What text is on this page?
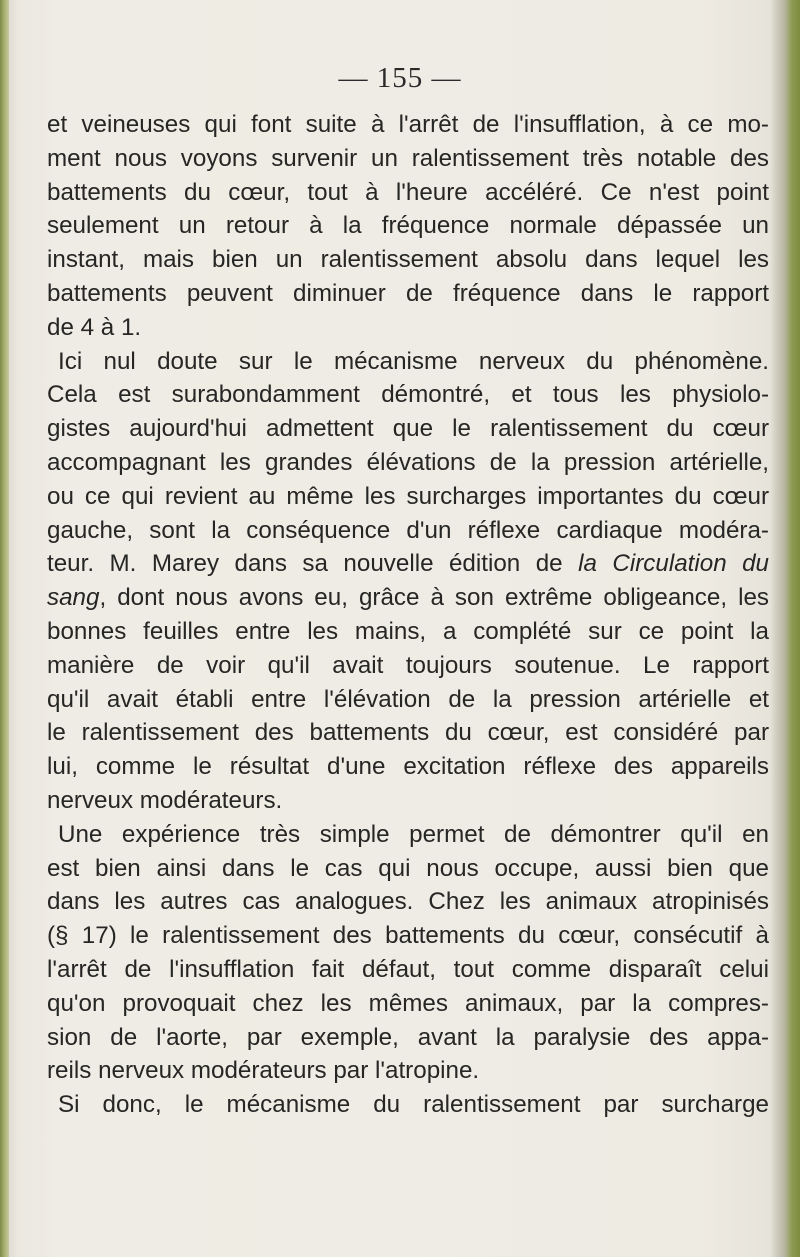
— 155 —

et veineuses qui font suite à l'arrêt de l'insufflation, à ce mo-
ment nous voyons survenir un ralentissement très notable des
battements du cœur, tout à l'heure accéléré. Ce n'est point
seulement un retour à la fréquence normale dépassée un
instant, mais bien un ralentissement absolu dans lequel les
battements peuvent diminuer de fréquence dans le rapport
de 4 à 1.

Ici nul doute sur le mécanisme nerveux du phénomène.
Cela est surabondamment démontré, et tous les physiolo-
gistes aujourd'hui admettent que le ralentissement du cœur
accompagnant les grandes élévations de la pression artérielle,
ou ce qui revient au même les surcharges importantes du cœur
gauche, sont la conséquence d'un réflexe cardiaque modéra-
teur. M. Marey dans sa nouvelle édition de la Circulation du
sang, dont nous avons eu, grâce à son extrême obligeance, les
bonnes feuilles entre les mains, a complété sur ce point la
manière de voir qu'il avait toujours soutenue. Le rapport
qu'il avait établi entre l'élévation de la pression artérielle et
le ralentissement des battements du cœur, est considéré par
lui, comme le résultat d'une excitation réflexe des appareils
nerveux modérateurs.

Une expérience très simple permet de démontrer qu'il en
est bien ainsi dans le cas qui nous occupe, aussi bien que
dans les autres cas analogues. Chez les animaux atropinisés
(§ 17) le ralentissement des battements du cœur, consécutif à
l'arrêt de l'insufflation fait défaut, tout comme disparaît celui
qu'on provoquait chez les mêmes animaux, par la compres-
sion de l'aorte, par exemple, avant la paralysie des appa-
reils nerveux modérateurs par l'atropine.

Si donc, le mécanisme du ralentissement par surcharge
